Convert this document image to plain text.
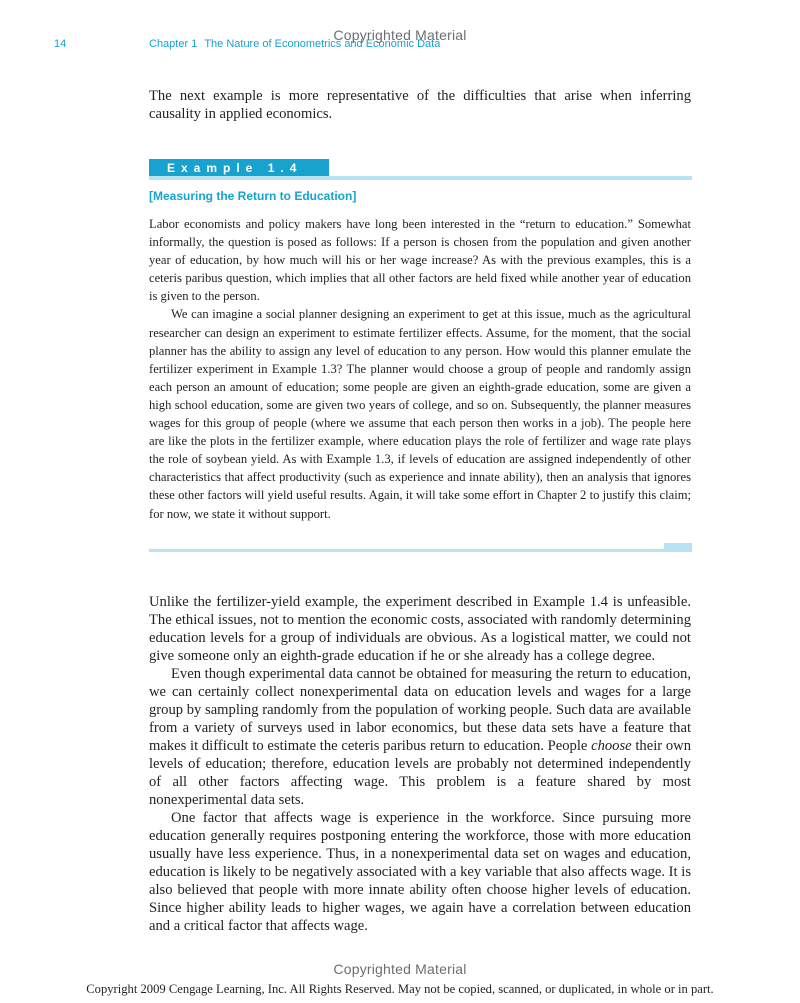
14	Chapter 1 The Nature of Econometrics and Economic Data
Copyrighted Material

The next example is more representative of the difficulties that arise when inferring causality in applied economics.

Example 1.4
[Measuring the Return to Education]

Labor economists and policy makers have long been interested in the “return to education.” Somewhat informally, the question is posed as follows: If a person is chosen from the population and given another year of education, by how much will his or her wage increase? As with the previous examples, this is a ceteris paribus question, which implies that all other factors are held fixed while another year of education is given to the person.

We can imagine a social planner designing an experiment to get at this issue, much as the agricultural researcher can design an experiment to estimate fertilizer effects. Assume, for the moment, that the social planner has the ability to assign any level of education to any person. How would this planner emulate the fertilizer experiment in Example 1.3? The planner would choose a group of people and randomly assign each person an amount of education; some people are given an eighth-grade education, some are given a high school education, some are given two years of college, and so on. Subsequently, the planner measures wages for this group of people (where we assume that each person then works in a job). The people here are like the plots in the fertilizer example, where education plays the role of fertilizer and wage rate plays the role of soybean yield. As with Example 1.3, if levels of education are assigned independently of other characteristics that affect productivity (such as experience and innate ability), then an analysis that ignores these other factors will yield useful results. Again, it will take some effort in Chapter 2 to justify this claim; for now, we state it without support.

Unlike the fertilizer-yield example, the experiment described in Example 1.4 is unfeasible. The ethical issues, not to mention the economic costs, associated with randomly determining education levels for a group of individuals are obvious. As a logistical matter, we could not give someone only an eighth-grade education if he or she already has a college degree.

Even though experimental data cannot be obtained for measuring the return to education, we can certainly collect nonexperimental data on education levels and wages for a large group by sampling randomly from the population of working people. Such data are available from a variety of surveys used in labor economics, but these data sets have a feature that makes it difficult to estimate the ceteris paribus return to education. People choose their own levels of education; therefore, education levels are probably not determined independently of all other factors affecting wage. This problem is a feature shared by most nonexperimental data sets.

One factor that affects wage is experience in the workforce. Since pursuing more education generally requires postponing entering the workforce, those with more education usually have less experience. Thus, in a nonexperimental data set on wages and education, education is likely to be negatively associated with a key variable that also affects wage. It is also believed that people with more innate ability often choose higher levels of education. Since higher ability leads to higher wages, we again have a correlation between education and a critical factor that affects wage.

Copyrighted Material
Copyright 2009 Cengage Learning, Inc. All Rights Reserved. May not be copied, scanned, or duplicated, in whole or in part.
